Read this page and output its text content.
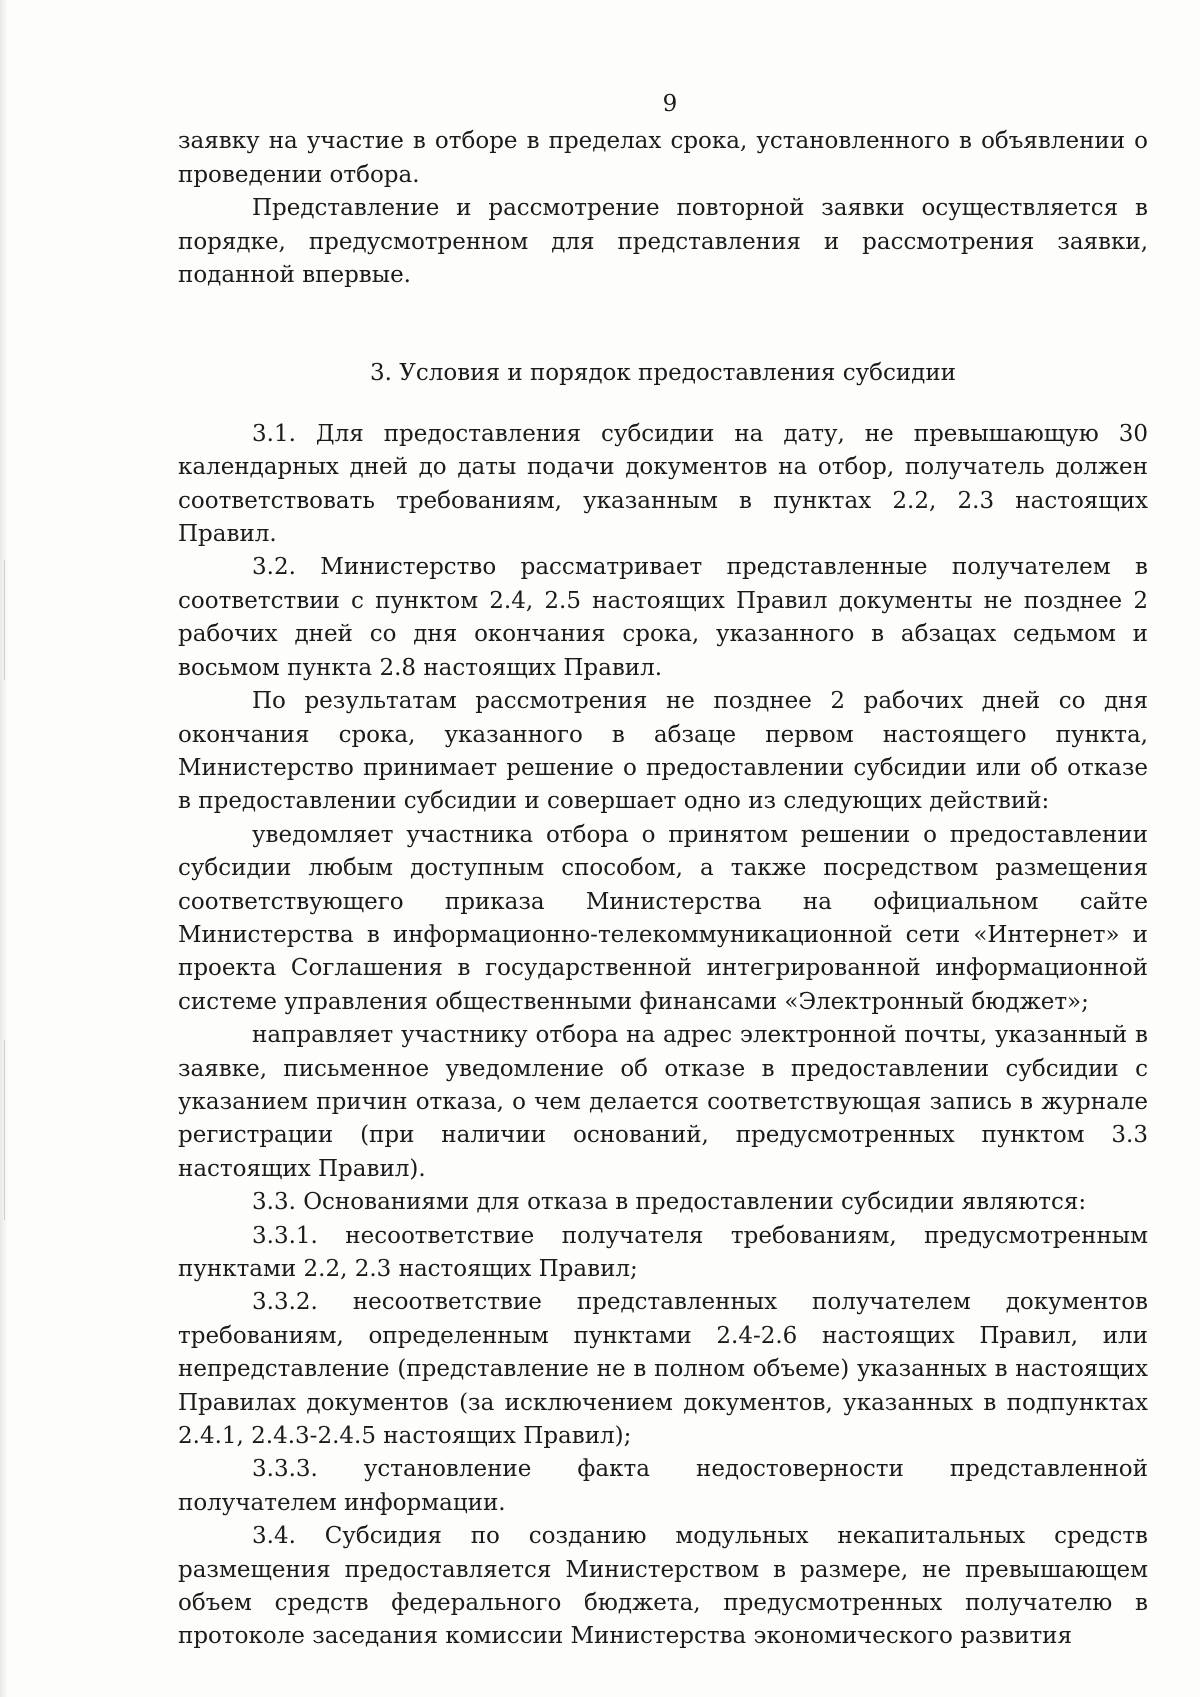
9

заявку на участие в отборе в пределах срока, установленного в объявлении о проведении отбора.

Представление и рассмотрение повторной заявки осуществляется в порядке, предусмотренном для представления и рассмотрения заявки, поданной впервые.

3. Условия и порядок предоставления субсидии

3.1. Для предоставления субсидии на дату, не превышающую 30 календарных дней до даты подачи документов на отбор, получатель должен соответствовать требованиям, указанным в пунктах 2.2, 2.3 настоящих Правил.

3.2. Министерство рассматривает представленные получателем в соответствии с пунктом 2.4, 2.5 настоящих Правил документы не позднее 2 рабочих дней со дня окончания срока, указанного в абзацах седьмом и восьмом пункта 2.8 настоящих Правил.

По результатам рассмотрения не позднее 2 рабочих дней со дня окончания срока, указанного в абзаце первом настоящего пункта, Министерство принимает решение о предоставлении субсидии или об отказе в предоставлении субсидии и совершает одно из следующих действий:

уведомляет участника отбора о принятом решении о предоставлении субсидии любым доступным способом, а также посредством размещения соответствующего приказа Министерства на официальном сайте Министерства в информационно-телекоммуникационной сети «Интернет» и проекта Соглашения в государственной интегрированной информационной системе управления общественными финансами «Электронный бюджет»;

направляет участнику отбора на адрес электронной почты, указанный в заявке, письменное уведомление об отказе в предоставлении субсидии с указанием причин отказа, о чем делается соответствующая запись в журнале регистрации (при наличии оснований, предусмотренных пунктом 3.3 настоящих Правил).

3.3. Основаниями для отказа в предоставлении субсидии являются:

3.3.1. несоответствие получателя требованиям, предусмотренным пунктами 2.2, 2.3 настоящих Правил;

3.3.2. несоответствие представленных получателем документов требованиям, определенным пунктами 2.4-2.6 настоящих Правил, или непредставление (представление не в полном объеме) указанных в настоящих Правилах документов (за исключением документов, указанных в подпунктах 2.4.1, 2.4.3-2.4.5 настоящих Правил);

3.3.3. установление факта недостоверности представленной получателем информации.

3.4. Субсидия по созданию модульных некапитальных средств размещения предоставляется Министерством в размере, не превышающем объем средств федерального бюджета, предусмотренных получателю в протоколе заседания комиссии Министерства экономического развития
